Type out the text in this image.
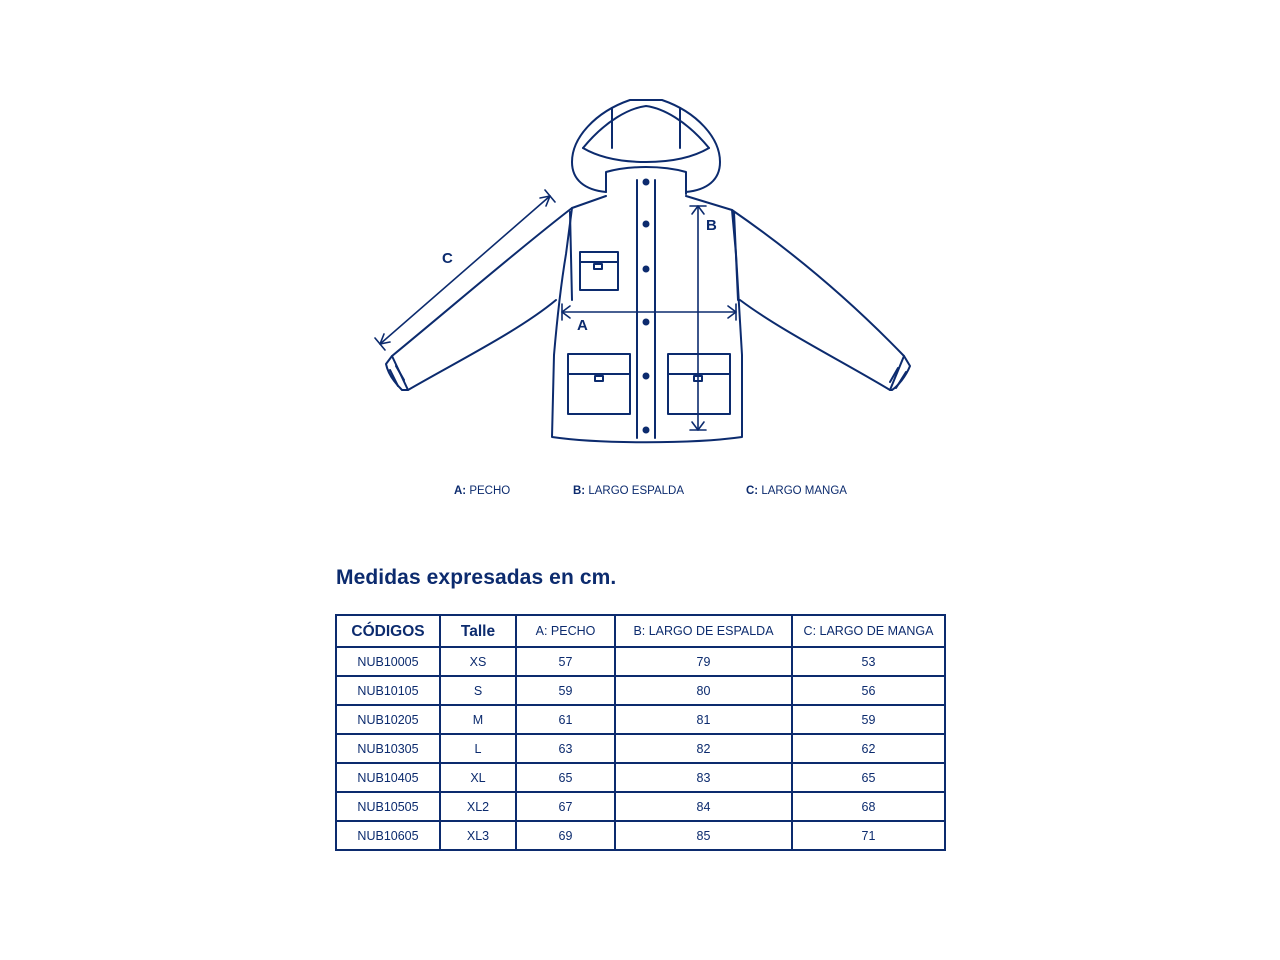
A
B
C
A: PECHO	B: LARGO ESPALDA	C: LARGO MANGA
Medidas expresadas en cm.
CÓDIGOS	Talle	A: PECHO	B: LARGO DE ESPALDA	C: LARGO DE MANGA
NUB10005	XS	57	79	53
NUB10105	S	59	80	56
NUB10205	M	61	81	59
NUB10305	L	63	82	62
NUB10405	XL	65	83	65
NUB10505	XL2	67	84	68
NUB10605	XL3	69	85	71
